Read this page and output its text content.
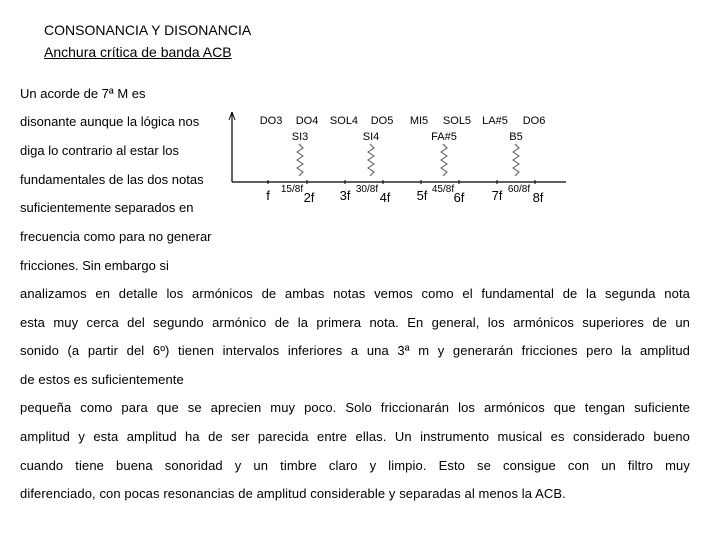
CONSONANCIA Y DISONANCIA
Anchura crítica de banda ACB
Un acorde de 7ª M es
disonante aunque la lógica nos
diga lo contrario al estar los
fundamentales de las dos notas
suficientemente separados en
frecuencia como para no generar
fricciones. Sin embargo si
analizamos en detalle los armónicos de ambas notas vemos como el fundamental de la segunda nota
esta muy cerca del segundo armónico de la primera nota. En general, los armónicos superiores de un
sonido (a partir del 6º) tienen intervalos inferiores a una 3ª m y generarán fricciones pero la amplitud
de estos es suficientemente
pequeña como para que se aprecien muy poco. Solo friccionarán los armónicos que tengan suficiente
amplitud y esta amplitud ha de ser parecida entre ellas. Un instrumento musical es considerado bueno
cuando tiene buena sonoridad y un timbre claro y limpio. Esto se consigue con un filtro muy
diferenciado, con pocas resonancias de amplitud considerable y separadas al menos la ACB.
DO3 DO4 SOL4 DO5 MI5 SOL5 LA#5 DO6
SI3	SI4	FA#5	B5
15/8f	30/8f	45/8f	60/8f
f	2f 3f 4f 5f 6f 7f 8f
